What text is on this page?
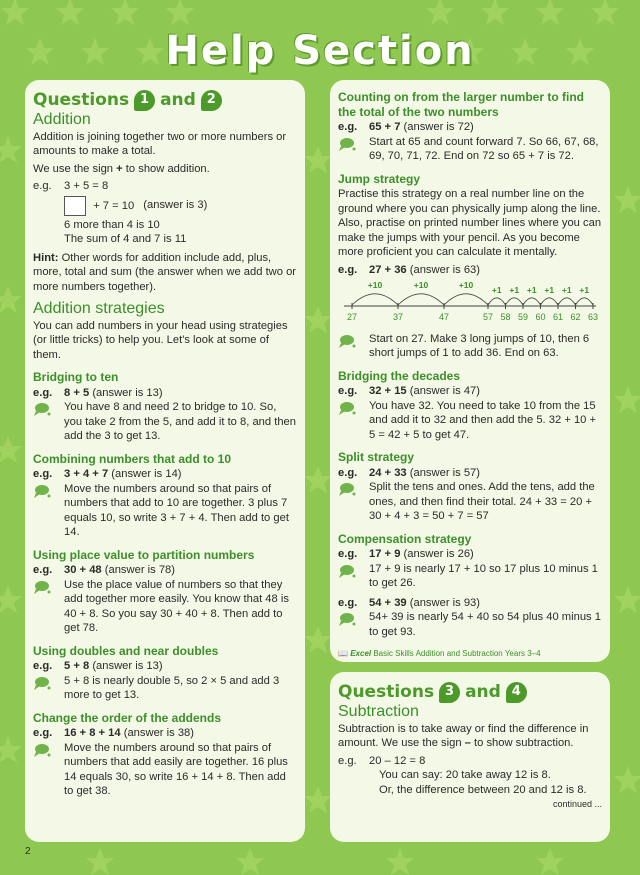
Help Section
Questions 1 and 2
Addition

Addition is joining together two or more numbers or amounts to make a total.

We use the sign + to show addition.

e.g.	3 + 5 = 8
+ 7 = 10 (answer is 3)
6 more than 4 is 10
The sum of 4 and 7 is 11

Hint: Other words for addition include add, plus, more, total and sum (the answer when we add two or more numbers together).

Addition strategies

You can add numbers in your head using strategies (or little tricks) to help you. Let's look at some of them.

Bridging to ten
e.g.	8 + 5 (answer is 13)
You have 8 and need 2 to bridge to 10. So, you take 2 from the 5, and add it to 8, and then add the 3 to get 13.
Combining numbers that add to 10
e.g.	3 + 4 + 7 (answer is 14)
Move the numbers around so that pairs of numbers that add to 10 are together. 3 plus 7 equals 10, so write 3 + 7 + 4. Then add to get 14.
Using place value to partition numbers
e.g.	30 + 48 (answer is 78)
Use the place value of numbers so that they add together more easily. You know that 48 is 40 + 8. So you say 30 + 40 + 8. Then add to get 78.
Using doubles and near doubles
e.g.	5 + 8 (answer is 13)
5 + 8 is nearly double 5, so 2 × 5 and add 3 more to get 13.
Change the order of the addends
e.g.	16 + 8 + 14 (answer is 38)
Move the numbers around so that pairs of numbers that add easily are together. 16 plus 14 equals 30, so write 16 + 14 + 8. Then add to get 38.
Counting on from the larger number to find the total of the two numbers
e.g.	65 + 7 (answer is 72)
Start at 65 and count forward 7. So 66, 67, 68, 69, 70, 71, 72. End on 72 so 65 + 7 is 72.
Jump strategy

Practise this strategy on a real number line on the ground where you can physically jump along the line. Also, practise on printed number lines where you can make the jumps with your pencil. As you become more proficient you can calculate it mentally.

e.g.	27 + 36 (answer is 63)
+10	+10	+10 +1 +1 +1 +1 +1 +1
27	37	47	57 58 59 60 61 62 63
Start on 27. Make 3 long jumps of 10, then 6 short jumps of 1 to add 36. End on 63.
Bridging the decades
e.g.	32 + 15 (answer is 47)
You have 32. You need to take 10 from the 15 and add it to 32 and then add the 5. 32 + 10 + 5 = 42 + 5 to get 47.
Split strategy
e.g.	24 + 33 (answer is 57)
Split the tens and ones. Add the tens, add the ones, and then find their total. 24 + 33 = 20 + 30 + 4 + 3 = 50 + 7 = 57
Compensation strategy
e.g.	17 + 9 (answer is 26)
17 + 9 is nearly 17 + 10 so 17 plus 10 minus 1 to get 26.
e.g.	54 + 39 (answer is 93)
54+ 39 is nearly 54 + 40 so 54 plus 40 minus 1 to get 93.
📖 Excel Basic Skills Addition and Subtraction Years 3–4
Questions 3 and 4
Subtraction

Subtraction is to take away or find the difference in amount. We use the sign – to show subtraction.

e.g.	20 – 12 = 8
You can say: 20 take away 12 is 8.
Or, the difference between 20 and 12 is 8.
continued ...
2
